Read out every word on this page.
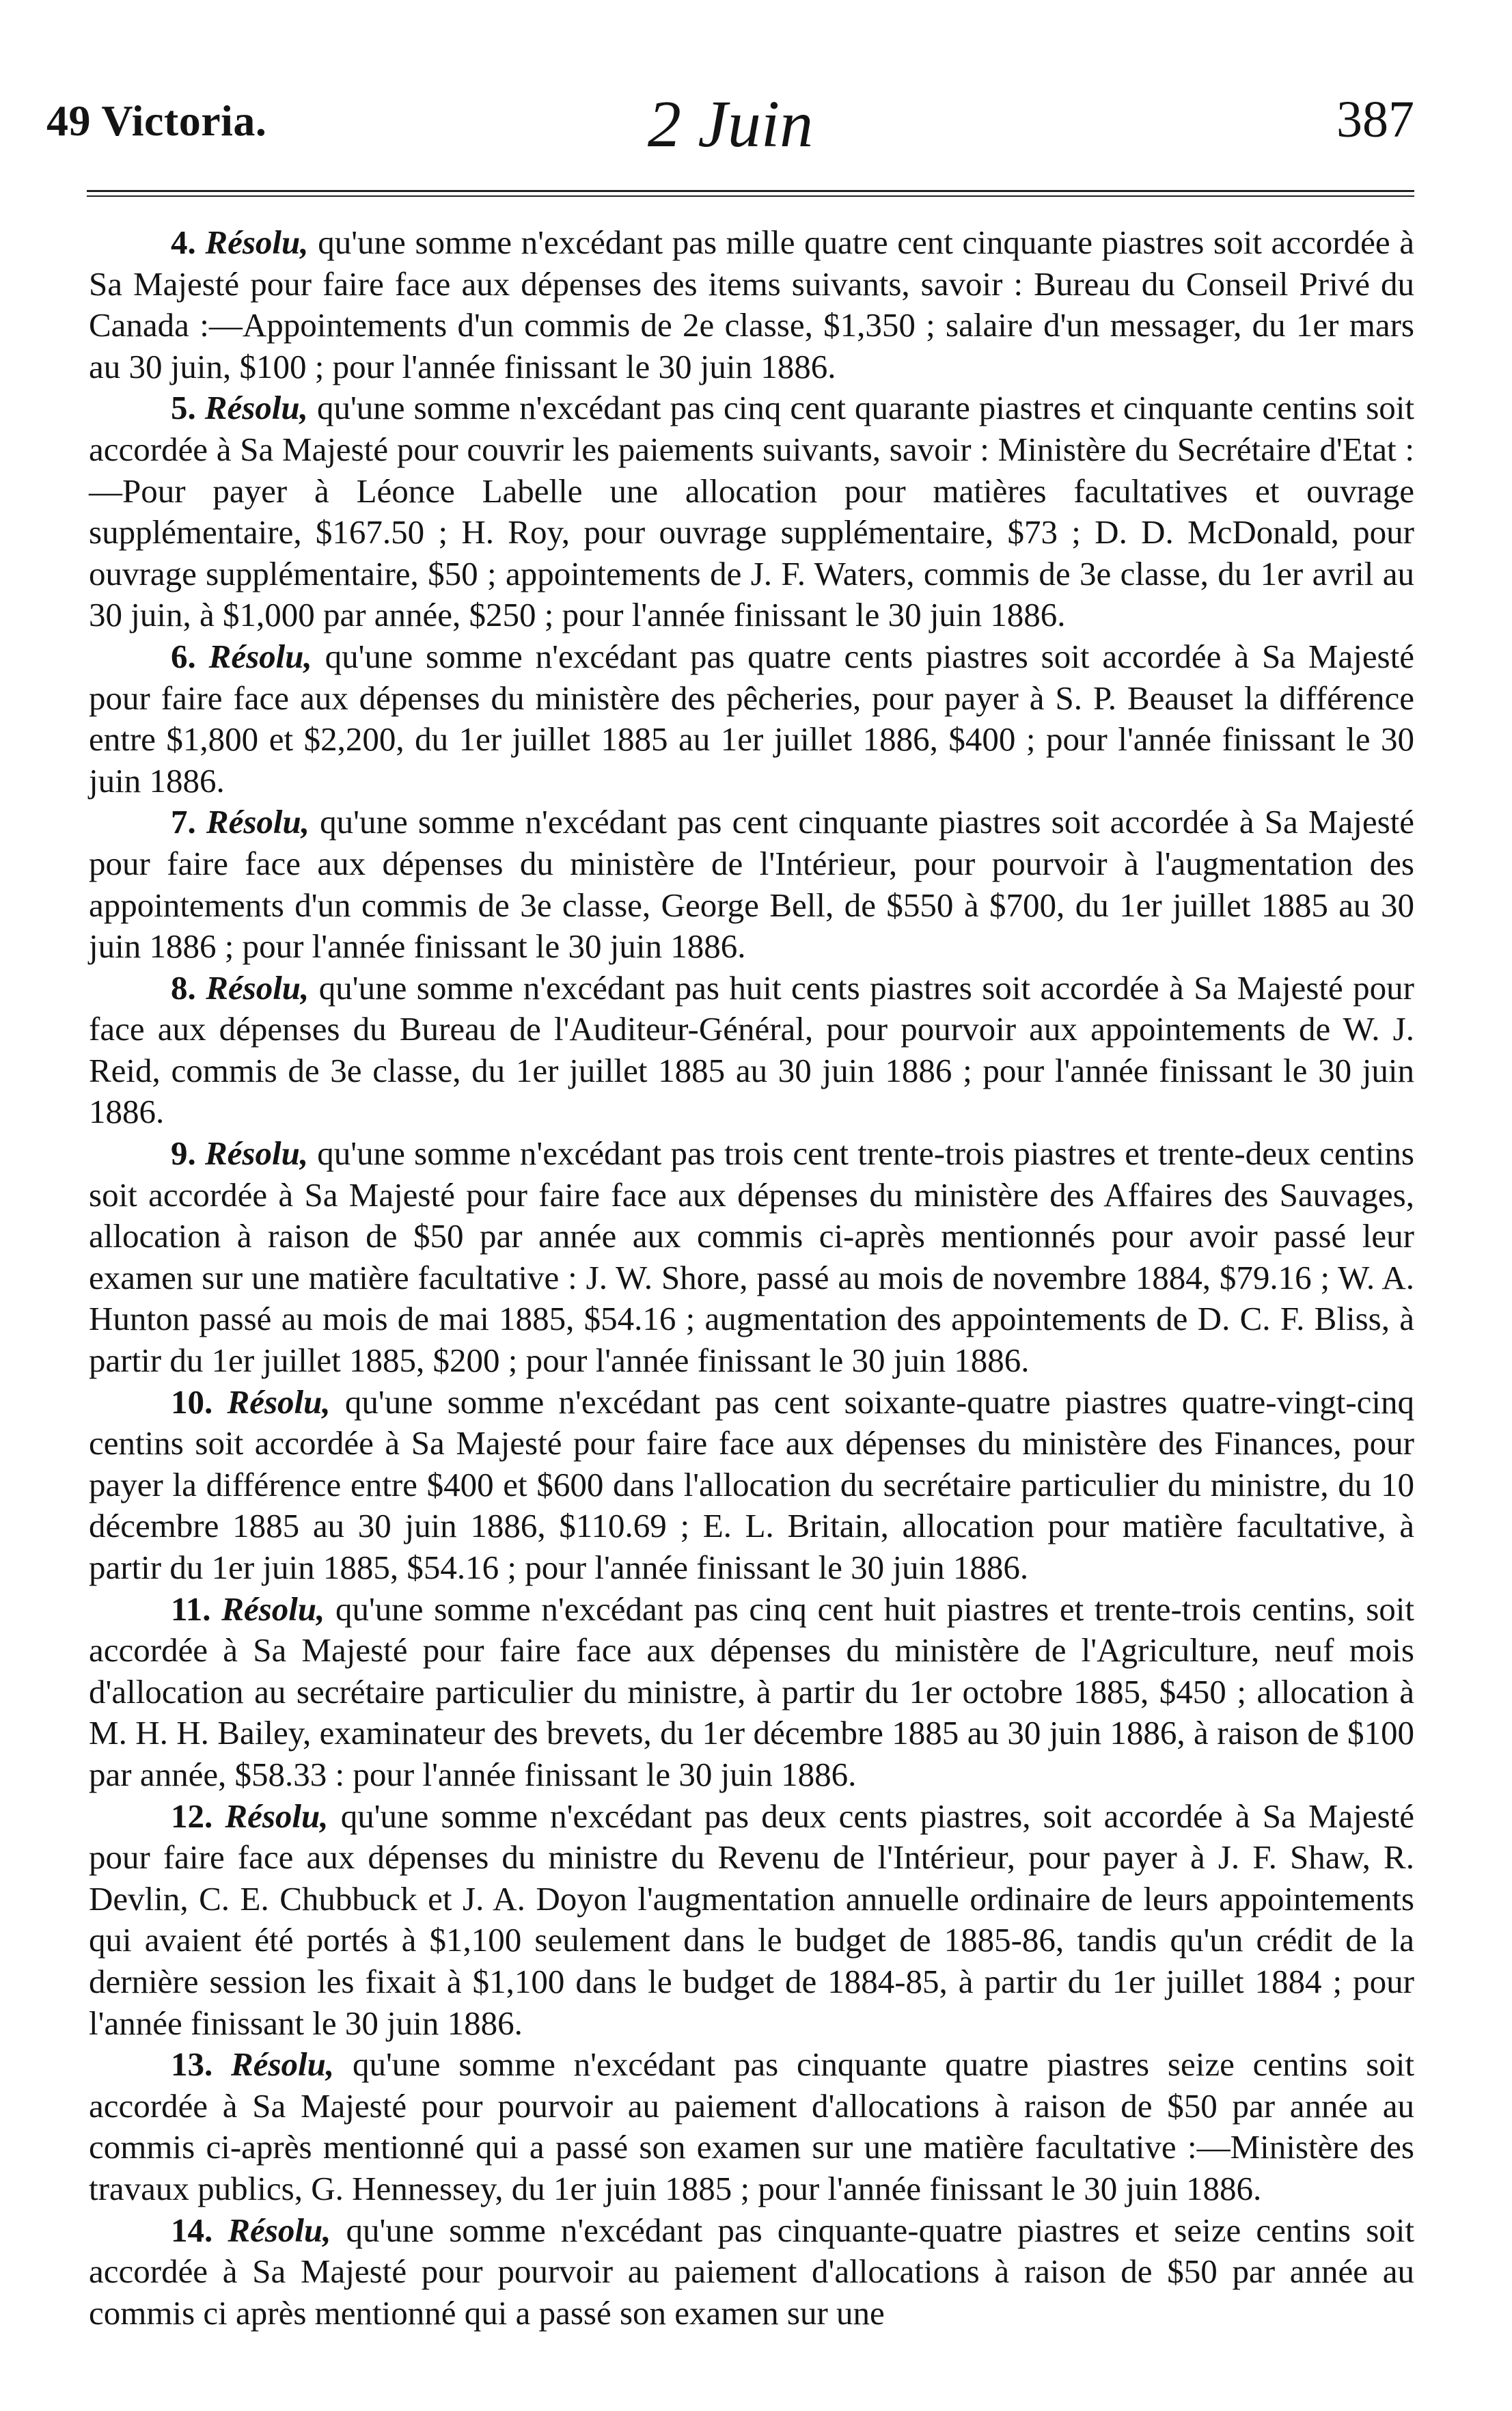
49 Victoria.	2 Juin	387

4. Résolu, qu'une somme n'excédant pas mille quatre cent cinquante piastres soit accordée à Sa Majesté pour faire face aux dépenses des items suivants, savoir : Bureau du Conseil Privé du Canada :—Appointements d'un commis de 2e classe, $1,350 ; salaire d'un messager, du 1er mars au 30 juin, $100 ; pour l'année finissant le 30 juin 1886.

5. Résolu, qu'une somme n'excédant pas cinq cent quarante piastres et cinquante centins soit accordée à Sa Majesté pour couvrir les paiements suivants, savoir : Ministère du Secrétaire d'Etat :—Pour payer à Léonce Labelle une allocation pour matières facultatives et ouvrage supplémentaire, $167.50 ; H. Roy, pour ouvrage supplémentaire, $73 ; D. D. McDonald, pour ouvrage supplémentaire, $50 ; appointements de J. F. Waters, commis de 3e classe, du 1er avril au 30 juin, à $1,000 par année, $250 ; pour l'année finissant le 30 juin 1886.

6. Résolu, qu'une somme n'excédant pas quatre cents piastres soit accordée à Sa Majesté pour faire face aux dépenses du ministère des pêcheries, pour payer à S. P. Beauset la différence entre $1,800 et $2,200, du 1er juillet 1885 au 1er juillet 1886, $400 ; pour l'année finissant le 30 juin 1886.

7. Résolu, qu'une somme n'excédant pas cent cinquante piastres soit accordée à Sa Majesté pour faire face aux dépenses du ministère de l'Intérieur, pour pourvoir à l'augmentation des appointements d'un commis de 3e classe, George Bell, de $550 à $700, du 1er juillet 1885 au 30 juin 1886 ; pour l'année finissant le 30 juin 1886.

8. Résolu, qu'une somme n'excédant pas huit cents piastres soit accordée à Sa Majesté pour face aux dépenses du Bureau de l'Auditeur-Général, pour pourvoir aux appointements de W. J. Reid, commis de 3e classe, du 1er juillet 1885 au 30 juin 1886 ; pour l'année finissant le 30 juin 1886.

9. Résolu, qu'une somme n'excédant pas trois cent trente-trois piastres et trente-deux centins soit accordée à Sa Majesté pour faire face aux dépenses du ministère des Affaires des Sauvages, allocation à raison de $50 par année aux commis ci-après mentionnés pour avoir passé leur examen sur une matière facultative : J. W. Shore, passé au mois de novembre 1884, $79.16 ; W. A. Hunton passé au mois de mai 1885, $54.16 ; augmentation des appointements de D. C. F. Bliss, à partir du 1er juillet 1885, $200 ; pour l'année finissant le 30 juin 1886.

10. Résolu, qu'une somme n'excédant pas cent soixante-quatre piastres quatre-vingt-cinq centins soit accordée à Sa Majesté pour faire face aux dépenses du ministère des Finances, pour payer la différence entre $400 et $600 dans l'allocation du secrétaire particulier du ministre, du 10 décembre 1885 au 30 juin 1886, $110.69 ; E. L. Britain, allocation pour matière facultative, à partir du 1er juin 1885, $54.16 ; pour l'année finissant le 30 juin 1886.

11. Résolu, qu'une somme n'excédant pas cinq cent huit piastres et trente-trois centins, soit accordée à Sa Majesté pour faire face aux dépenses du ministère de l'Agriculture, neuf mois d'allocation au secrétaire particulier du ministre, à partir du 1er octobre 1885, $450 ; allocation à M. H. H. Bailey, examinateur des brevets, du 1er décembre 1885 au 30 juin 1886, à raison de $100 par année, $58.33 : pour l'année finissant le 30 juin 1886.

12. Résolu, qu'une somme n'excédant pas deux cents piastres, soit accordée à Sa Majesté pour faire face aux dépenses du ministre du Revenu de l'Intérieur, pour payer à J. F. Shaw, R. Devlin, C. E. Chubbuck et J. A. Doyon l'augmentation annuelle ordinaire de leurs appointements qui avaient été portés à $1,100 seulement dans le budget de 1885-86, tandis qu'un crédit de la dernière session les fixait à $1,100 dans le budget de 1884-85, à partir du 1er juillet 1884 ; pour l'année finissant le 30 juin 1886.

13. Résolu, qu'une somme n'excédant pas cinquante quatre piastres seize centins soit accordée à Sa Majesté pour pourvoir au paiement d'allocations à raison de $50 par année au commis ci-après mentionné qui a passé son examen sur une matière facultative :—Ministère des travaux publics, G. Hennessey, du 1er juin 1885 ; pour l'année finissant le 30 juin 1886.

14. Résolu, qu'une somme n'excédant pas cinquante-quatre piastres et seize centins soit accordée à Sa Majesté pour pourvoir au paiement d'allocations à raison de $50 par année au commis ci après mentionné qui a passé son examen sur une
